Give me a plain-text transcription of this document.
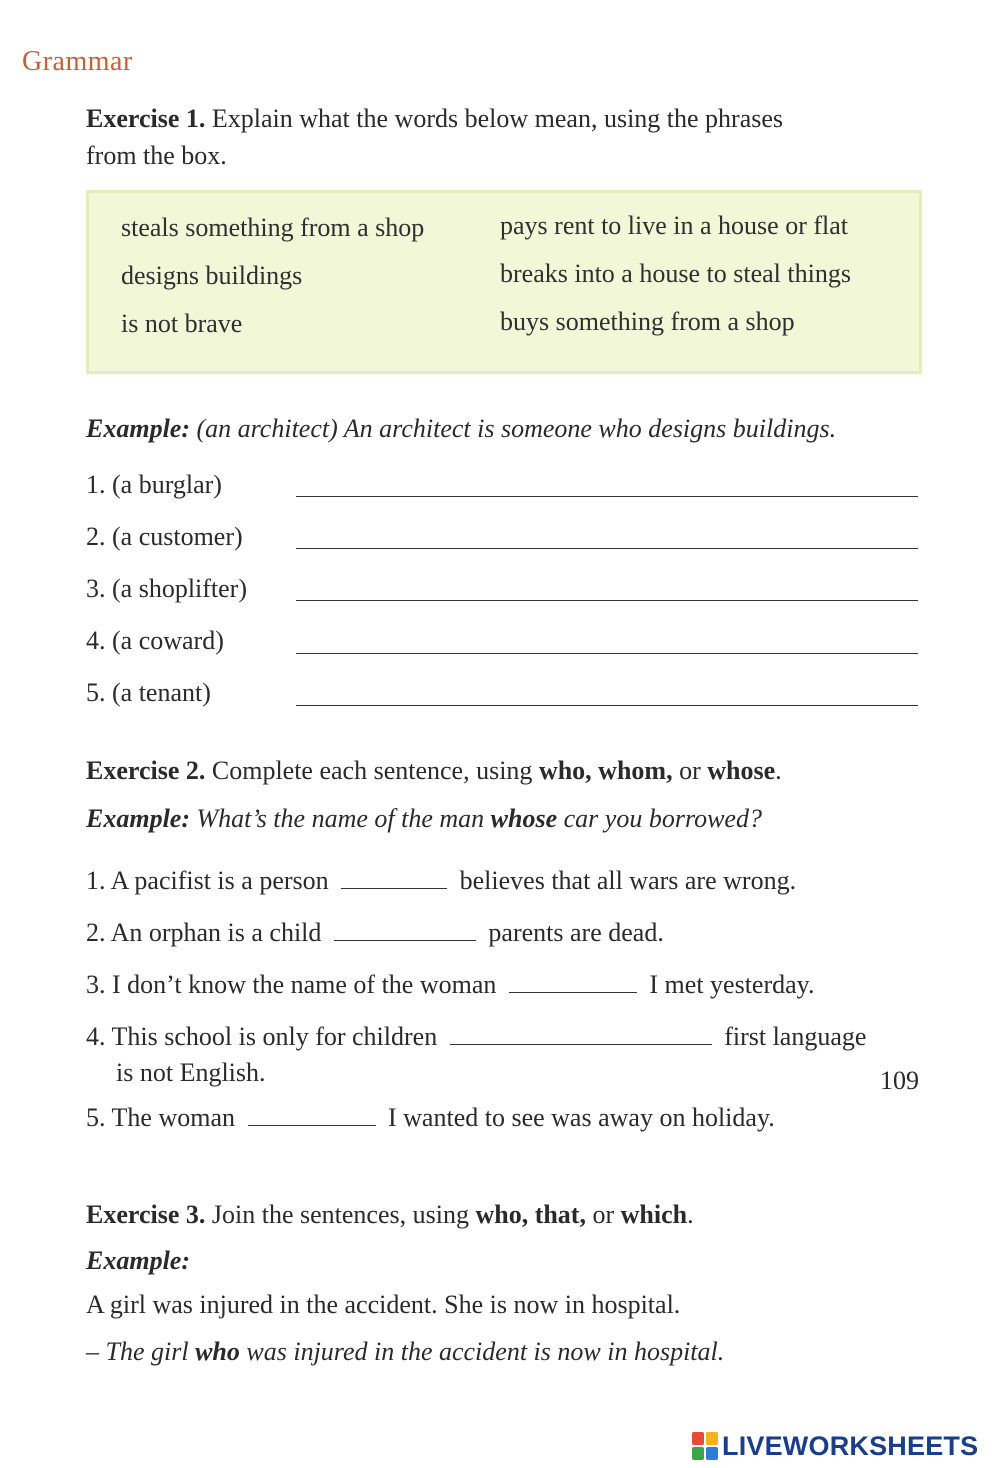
Grammar
Exercise 1. Explain what the words below mean, using the phrases
from the box.
steals something from a shop
designs buildings
is not brave
pays rent to live in a house or flat
breaks into a house to steal things
buys something from a shop
Example: (an architect) An architect is someone who designs buildings.
1. (a burglar)
2. (a customer)
3. (a shoplifter)
4. (a coward)
5. (a tenant)
Exercise 2. Complete each sentence, using who, whom, or whose.
Example: What’s the name of the man whose car you borrowed?
1. A pacifist is a person	believes that all wars are wrong.
2. An orphan is a child	parents are dead.
3. I don’t know the name of the woman	I met yesterday.
4. This school is only for children	first language
is not English.
5. The woman	I wanted to see was away on holiday.
Exercise 3. Join the sentences, using who, that, or which.
Example:
A girl was injured in the accident. She is now in hospital.
– The girl who was injured in the accident is now in hospital.
109
LIVEWORKSHEETS
